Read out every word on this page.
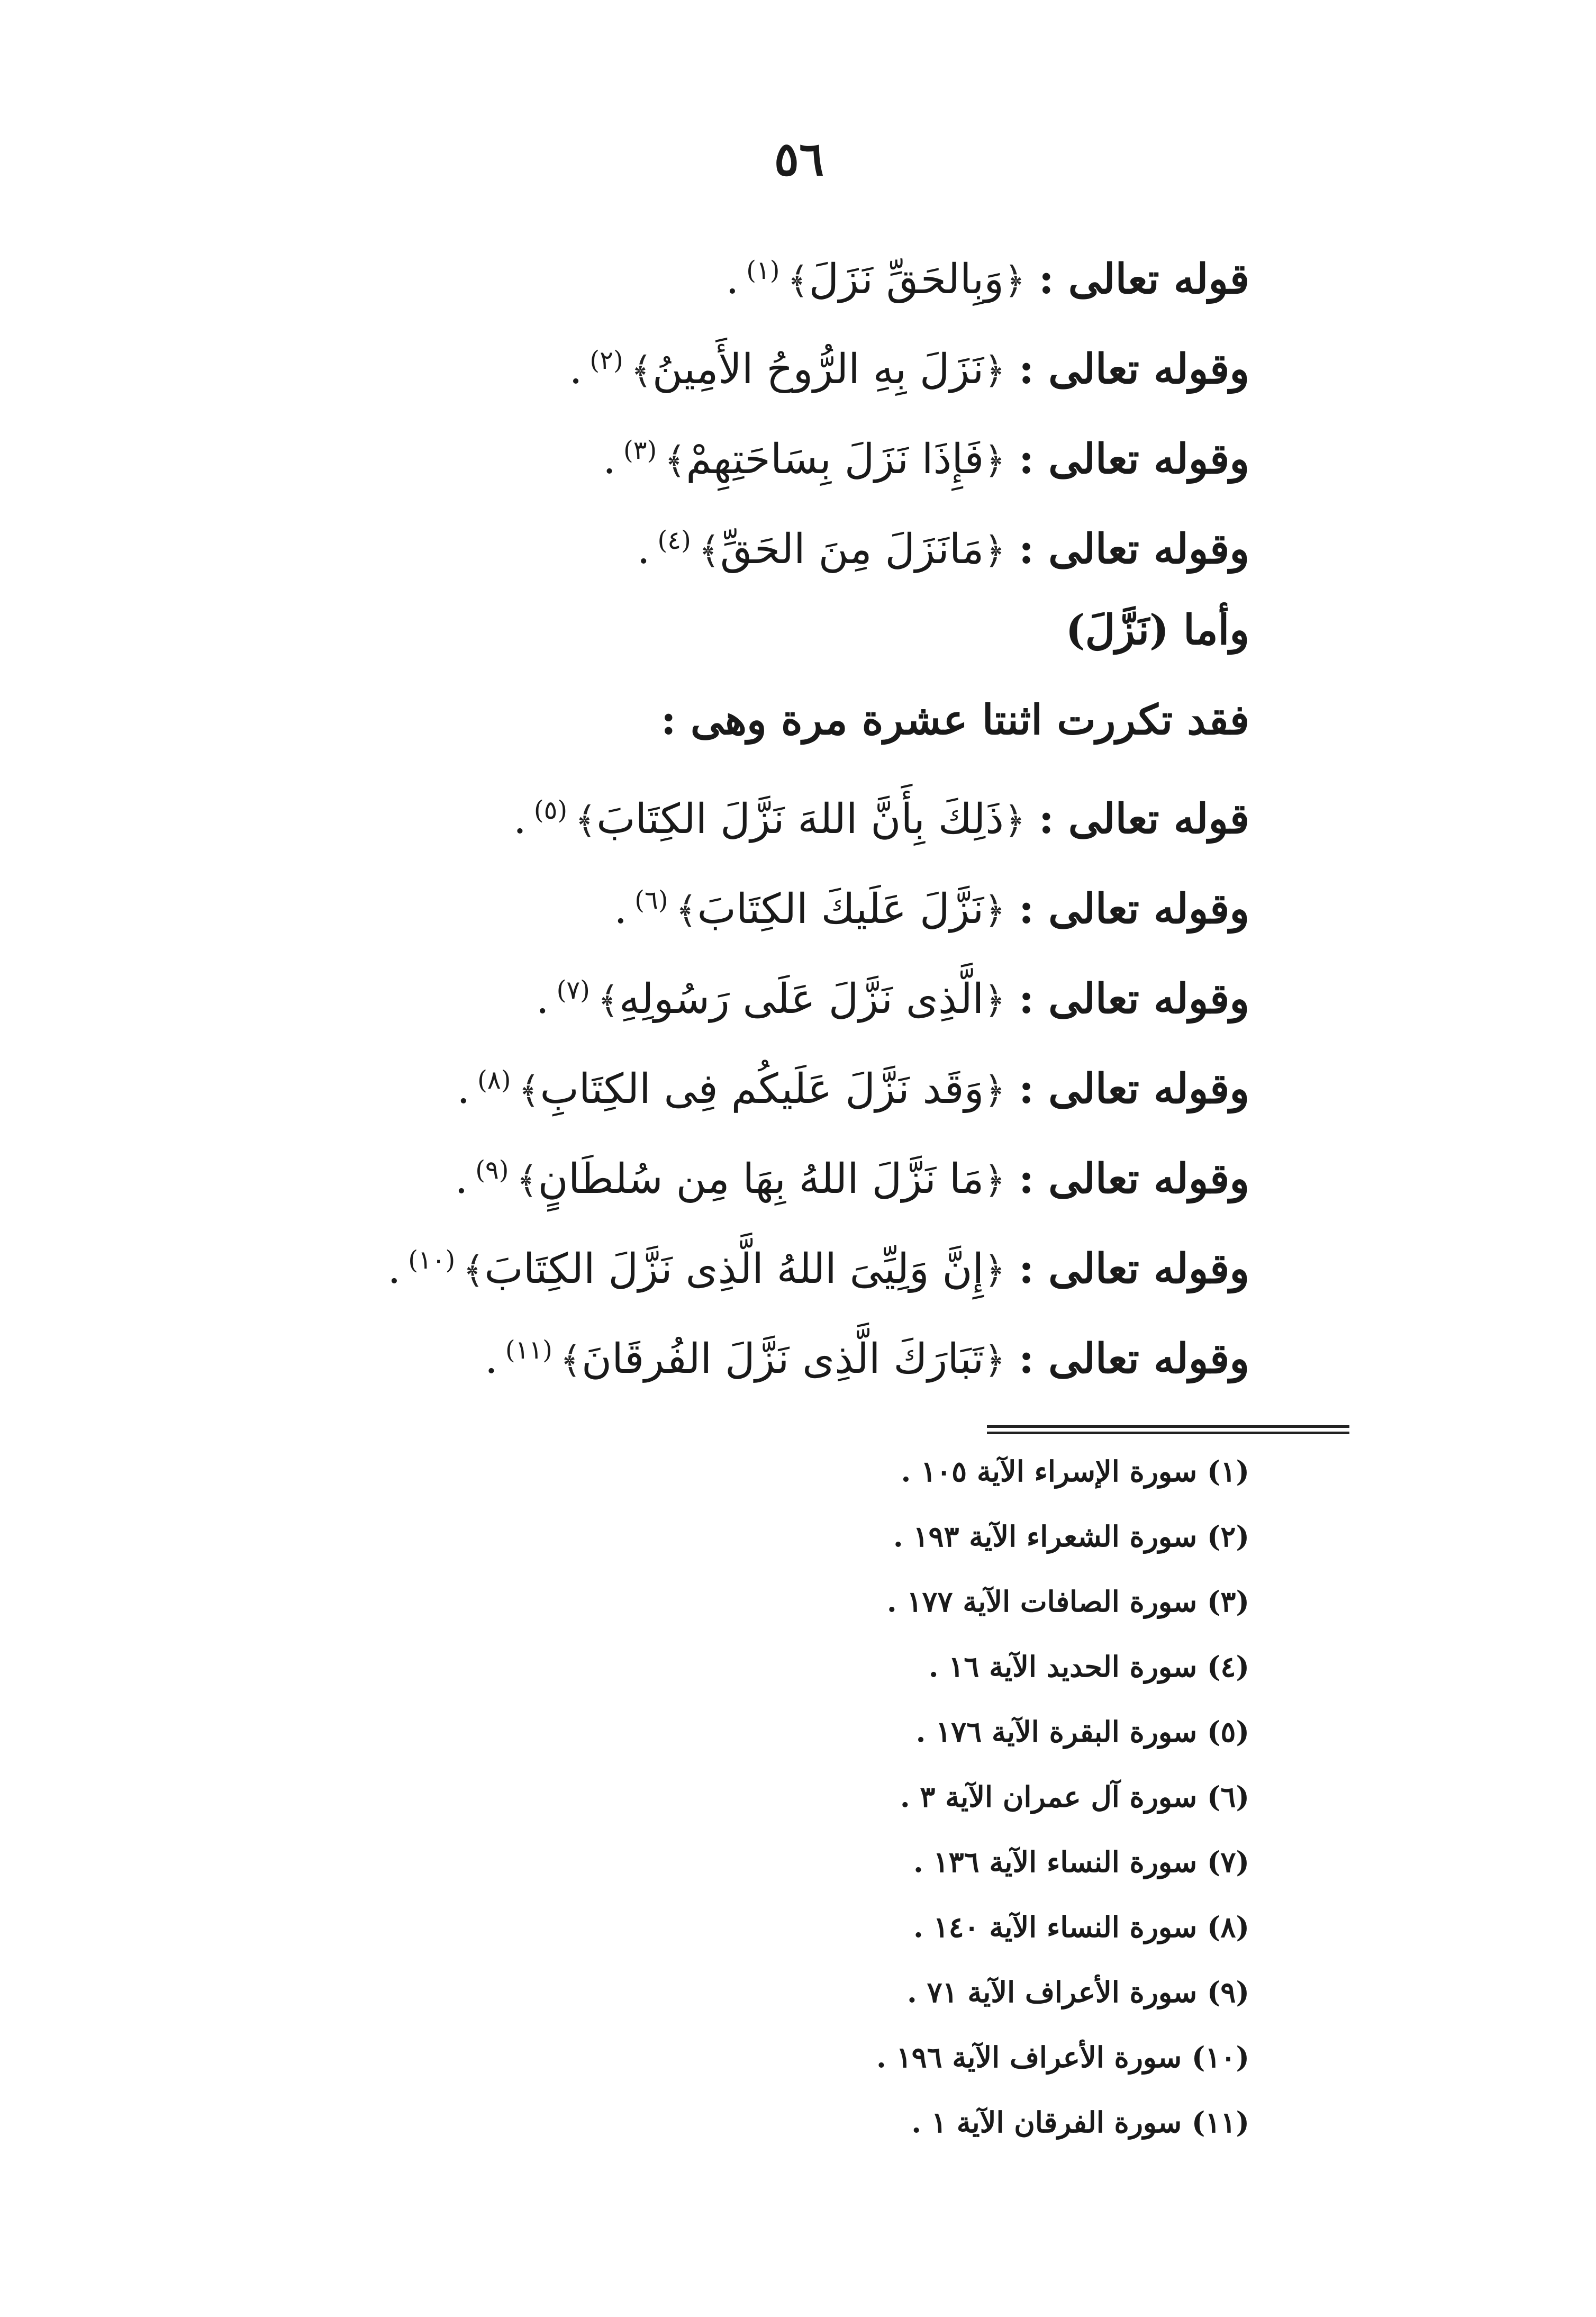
٥٦
قوله تعالى : ﴿وَبِالحَقِّ نَزَلَ﴾$^{(١)}$.
وقوله تعالى : ﴿نَزَلَ بِهِ الرُّوحُ الأَمِينُ﴾$^{(٢)}$.
وقوله تعالى : ﴿فَإِذَا نَزَلَ بِسَاحَتِهِمْ﴾$^{(٣)}$.
وقوله تعالى : ﴿مَانَزَلَ مِنَ الحَقِّ﴾$^{(٤)}$.
وأما (نَزَّلَ)
فقد تكررت اثنتا عشرة مرة وهى :
قوله تعالى : ﴿ذَلِكَ بِأَنَّ اللهَ نَزَّلَ الكِتَابَ﴾$^{(٥)}$.
وقوله تعالى : ﴿نَزَّلَ عَلَيكَ الكِتَابَ﴾$^{(٦)}$.
وقوله تعالى : ﴿الَّذِى نَزَّلَ عَلَى رَسُولِهِ﴾$^{(٧)}$.
وقوله تعالى : ﴿وَقَد نَزَّلَ عَلَيكُم فِى الكِتَابِ﴾$^{(٨)}$.
وقوله تعالى : ﴿مَا نَزَّلَ اللهُ بِهَا مِن سُلطَانٍ﴾$^{(٩)}$.
وقوله تعالى : ﴿إِنَّ وَلِيِّىَ اللهُ الَّذِى نَزَّلَ الكِتَابَ﴾$^{(١٠)}$.
وقوله تعالى : ﴿تَبَارَكَ الَّذِى نَزَّلَ الفُرقَانَ﴾$^{(١١)}$.
(١) سورة الإسراء الآية ١٠٥ .
(٢) سورة الشعراء الآية ١٩٣ .
(٣) سورة الصافات الآية ١٧٧ .
(٤) سورة الحديد الآية ١٦ .
(٥) سورة البقرة الآية ١٧٦ .
(٦) سورة آل عمران الآية ٣ .
(٧) سورة النساء الآية ١٣٦ .
(٨) سورة النساء الآية ١٤٠ .
(٩) سورة الأعراف الآية ٧١ .
(١٠) سورة الأعراف الآية ١٩٦ .
(١١) سورة الفرقان الآية ١ .
